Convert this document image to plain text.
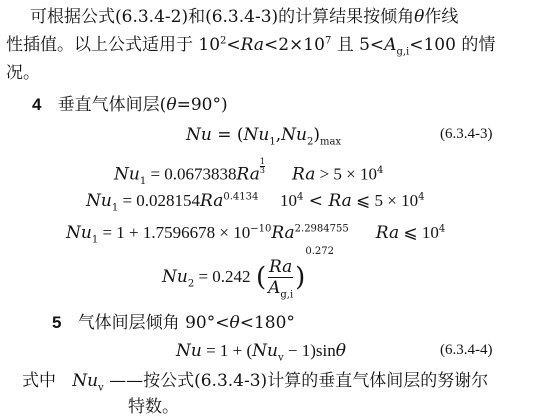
可根据公式(6.3.4-2)和(6.3.4-3)的计算结果按倾角θ作线
性插值。以上公式适用于 $10^2<Ra<2\times 10^7$ 且 $5<A_{g,i}<100$ 的情
况。
4 垂直气体间层(θ=90°)
$Nu = (Nu_1,Nu_2)_{max}$	(6.3.4-3)
$Nu_1 = 0.0673838Ra \frac{1}{3}$ $Ra > 5 \times 10^4$
$Nu_1 = 0.028154Ra^{0.4134}$ $10^4 < Ra$ ⩽ $5 \times 10^4$
$Nu_1 = 1 + 1.7596678 \times 10^{-10}Ra^{2.2984755}$ Ra ⩽ $10^4$
$Nu_2 = 0.242$ ( $\frac{Ra}{A_{g,i}} )^{0.272}$
5 气体间层倾角 90°<θ<180°
$Nu = 1 + (Nu_v - 1)\sin\theta$	(6.3.4-4)
式中 $Nu_v$ ——按公式(6.3.4-3)计算的垂直气体间层的努谢尔
特数。
